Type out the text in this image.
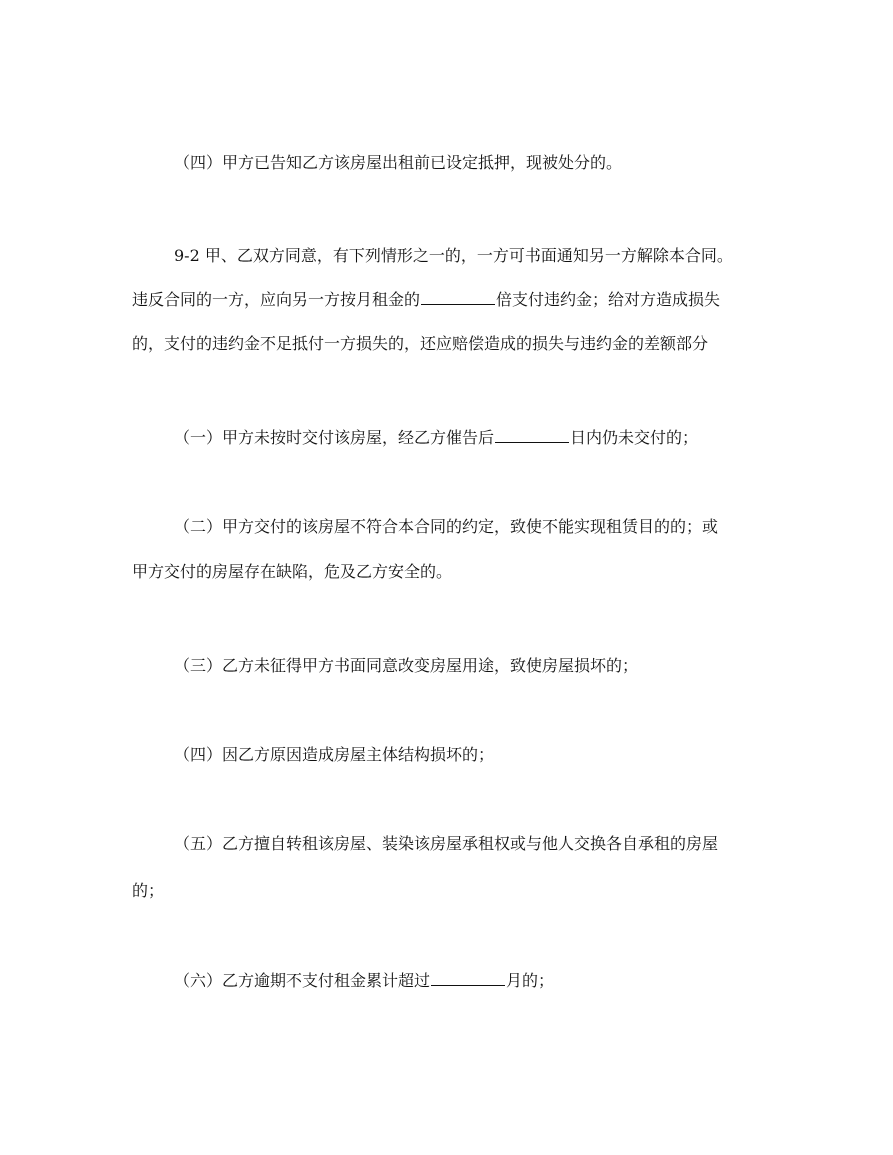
（四）甲方已告知乙方该房屋出租前已设定抵押，现被处分的。
9-2 甲、乙双方同意，有下列情形之一的，一方可书面通知另一方解除本合同。
违反合同的一方，应向另一方按月租金的	倍支付违约金；给对方造成损失
的，支付的违约金不足抵付一方损失的，还应赔偿造成的损失与违约金的差额部分
（一）甲方未按时交付该房屋，经乙方催告后	日内仍未交付的；
（二）甲方交付的该房屋不符合本合同的约定，致使不能实现租赁目的的；或
甲方交付的房屋存在缺陷，危及乙方安全的。
（三）乙方未征得甲方书面同意改变房屋用途，致使房屋损坏的；
（四）因乙方原因造成房屋主体结构损坏的；
（五）乙方擅自转租该房屋、装染该房屋承租权或与他人交换各自承租的房屋
的；
（六）乙方逾期不支付租金累计超过	月的；
